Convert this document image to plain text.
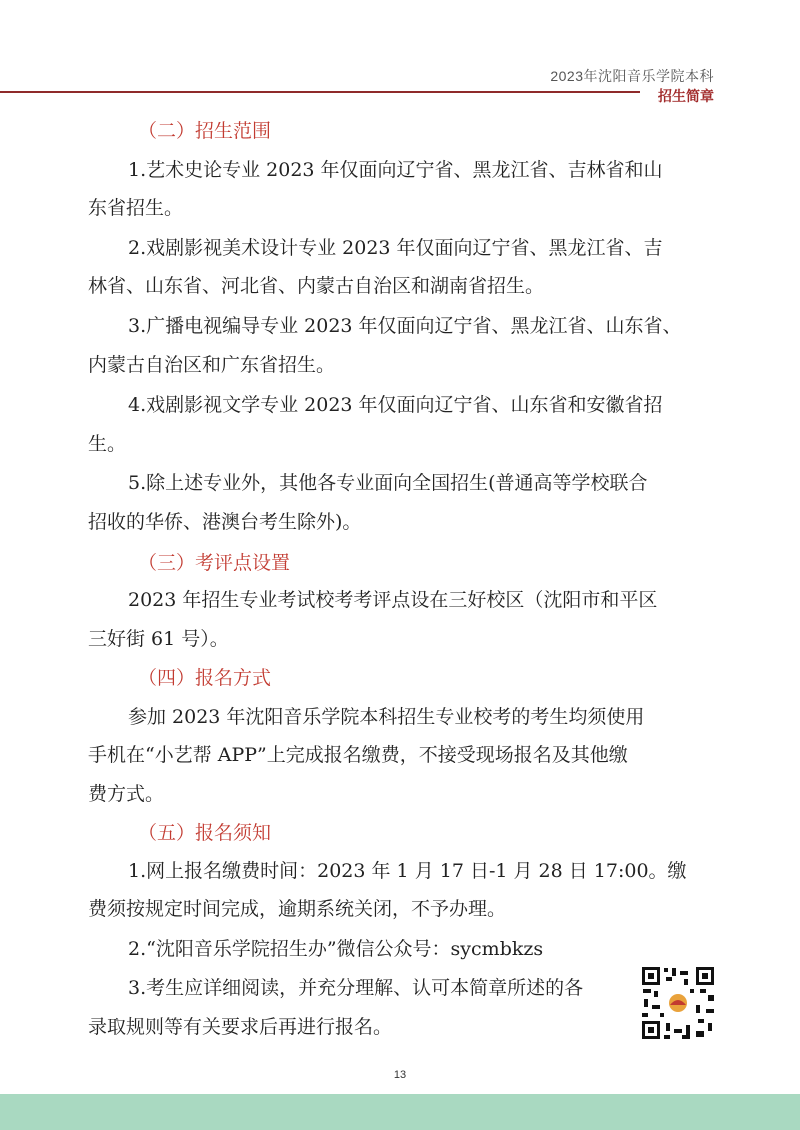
2023年沈阳音乐学院本科
招生简章
（二）招生范围
1.艺术史论专业 2023 年仅面向辽宁省、黑龙江省、吉林省和山
东省招生。
2.戏剧影视美术设计专业 2023 年仅面向辽宁省、黑龙江省、吉
林省、山东省、河北省、内蒙古自治区和湖南省招生。
3.广播电视编导专业 2023 年仅面向辽宁省、黑龙江省、山东省、
内蒙古自治区和广东省招生。
4.戏剧影视文学专业 2023 年仅面向辽宁省、山东省和安徽省招
生。
5.除上述专业外，其他各专业面向全国招生(普通高等学校联合
招收的华侨、港澳台考生除外)。
（三）考评点设置
2023 年招生专业考试校考考评点设在三好校区（沈阳市和平区
三好街 61 号）。
（四）报名方式
参加 2023 年沈阳音乐学院本科招生专业校考的考生均须使用
手机在“小艺帮 APP”上完成报名缴费，不接受现场报名及其他缴
费方式。
（五）报名须知
1.网上报名缴费时间：2023 年 1 月 17 日-1 月 28 日 17:00。缴
费须按规定时间完成，逾期系统关闭，不予办理。
2.“沈阳音乐学院招生办”微信公众号：sycmbkzs
3.考生应详细阅读，并充分理解、认可本简章所述的各
录取规则等有关要求后再进行报名。
13
